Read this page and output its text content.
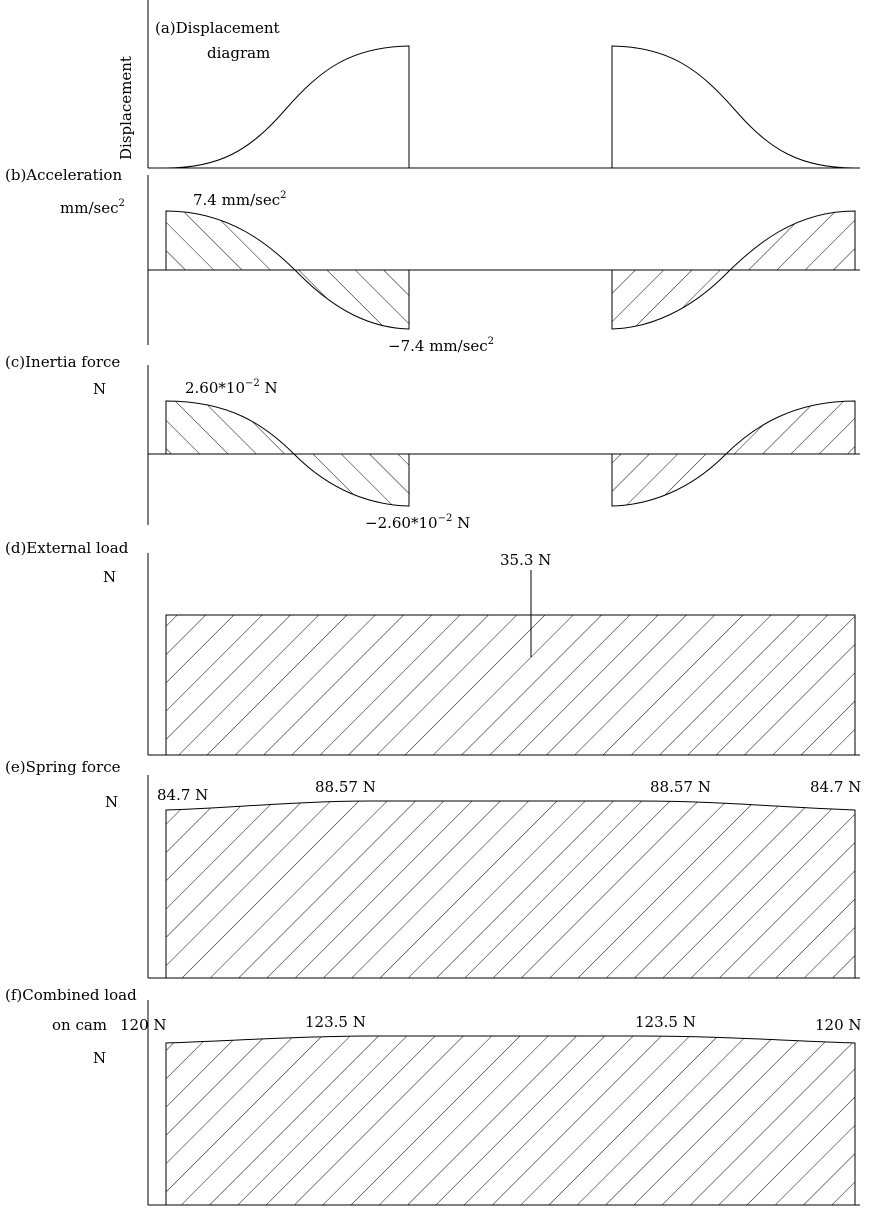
(a)Displacement
diagram
Displacement
(b)Acceleration
$mm/\sec^2$	7.4 $mm/\sec^2$
−7.4 $mm/\sec^2$
(c)Inertia force
N	$2.60*10^{-2}$ N
$-2.60*10^{-2}$ N
(d)External load
N
35.3 N
(e)Spring force
N	84.7 N	88.57 N	88.57 N	84.7 N
(f)Combined load
on cam
N
120 N	123.5 N	123.5 N	120 N
